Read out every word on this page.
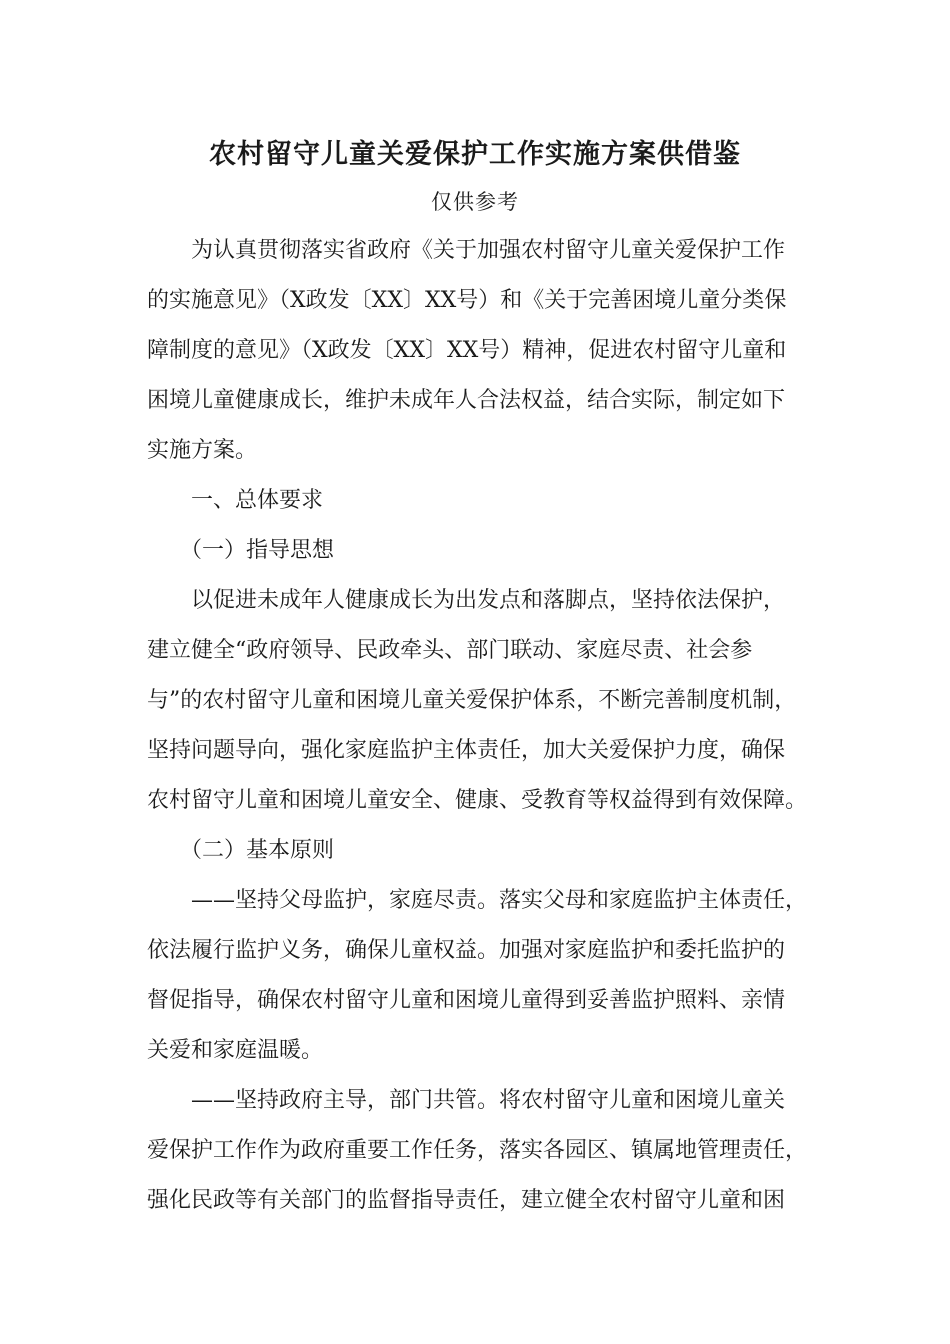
农村留守儿童关爱保护工作实施方案供借鉴
仅供参考
　　为认真贯彻落实省政府《关于加强农村留守儿童关爱保护工作
的实施意见》（X政发〔XX〕XX号）和《关于完善困境儿童分类保
障制度的意见》（X政发〔XX〕XX号）精神，促进农村留守儿童和
困境儿童健康成长，维护未成年人合法权益，结合实际，制定如下
实施方案。
　　一、总体要求
　　（一）指导思想
　　以促进未成年人健康成长为出发点和落脚点，坚持依法保护，
建立健全“政府领导、民政牵头、部门联动、家庭尽责、社会参
与”的农村留守儿童和困境儿童关爱保护体系，不断完善制度机制，
坚持问题导向，强化家庭监护主体责任，加大关爱保护力度，确保
农村留守儿童和困境儿童安全、健康、受教育等权益得到有效保障。
　　（二）基本原则
　　——坚持父母监护，家庭尽责。落实父母和家庭监护主体责任，
依法履行监护义务，确保儿童权益。加强对家庭监护和委托监护的
督促指导，确保农村留守儿童和困境儿童得到妥善监护照料、亲情
关爱和家庭温暖。
　　——坚持政府主导，部门共管。将农村留守儿童和困境儿童关
爱保护工作作为政府重要工作任务，落实各园区、镇属地管理责任，
强化民政等有关部门的监督指导责任，建立健全农村留守儿童和困
